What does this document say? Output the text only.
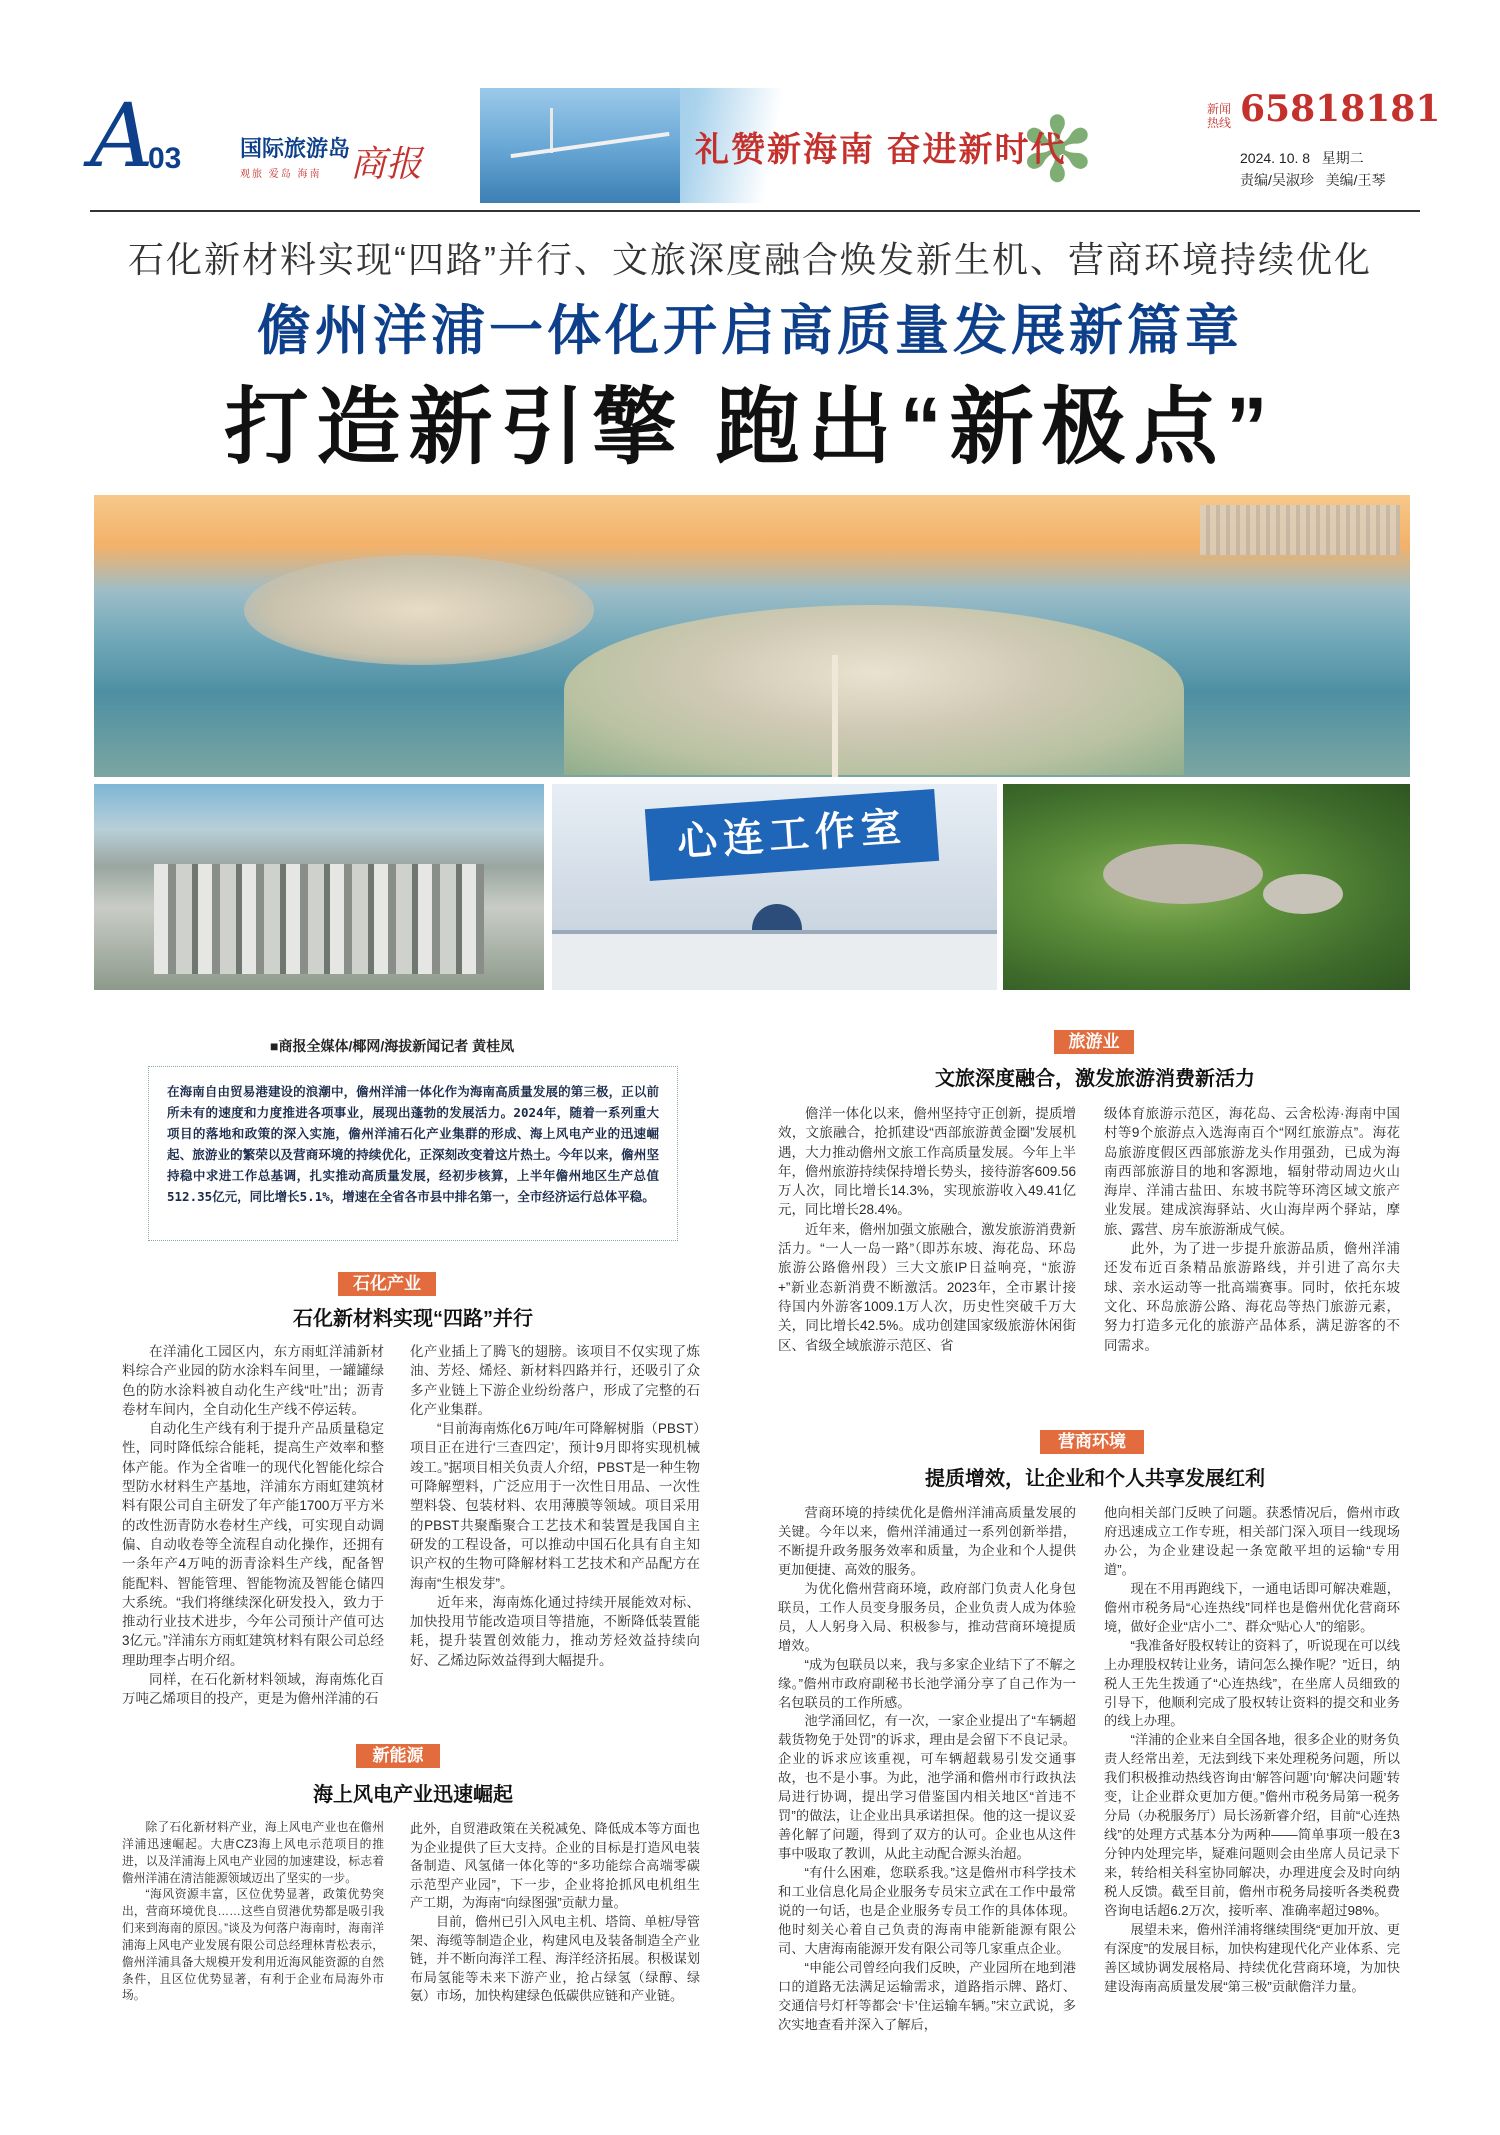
A
03	国际旅游岛
观旅 爱岛 海南 商报	✻
礼赞新海南 奋进新时代
新闻热线 65818181
2024. 10. 8 星期二
责编/吴淑珍 美编/王琴
石化新材料实现“四路”并行、文旅深度融合焕发新生机、营商环境持续优化
儋州洋浦一体化开启高质量发展新篇章
打造新引擎 跑出“新极点”
心连工作室
■商报全媒体/椰网/海拔新闻记者 黄桂凤
在海南自由贸易港建设的浪潮中，儋州洋浦一体化作为海南高质量发展的第三极，正以前所未有的速度和力度推进各项事业，展现出蓬勃的发展活力。2024年，随着一系列重大项目的落地和政策的深入实施，儋州洋浦石化产业集群的形成、海上风电产业的迅速崛起、旅游业的繁荣以及营商环境的持续优化，正深刻改变着这片热土。今年以来，儋州坚持稳中求进工作总基调，扎实推动高质量发展，经初步核算，上半年儋州地区生产总值512.35亿元，同比增长5.1%，增速在全省各市县中排名第一，全市经济运行总体平稳。
石化产业
石化新材料实现“四路”并行

在洋浦化工园区内，东方雨虹洋浦新材料综合产业园的防水涂料车间里，一罐罐绿色的防水涂料被自动化生产线“吐”出；沥青卷材车间内，全自动化生产线不停运转。

自动化生产线有利于提升产品质量稳定性，同时降低综合能耗，提高生产效率和整体产能。作为全省唯一的现代化智能化综合型防水材料生产基地，洋浦东方雨虹建筑材料有限公司自主研发了年产能1700万平方米的改性沥青防水卷材生产线，可实现自动调偏、自动收卷等全流程自动化操作，还拥有一条年产4万吨的沥青涂料生产线，配备智能配料、智能管理、智能物流及智能仓储四大系统。“我们将继续深化研发投入，致力于推动行业技术进步，今年公司预计产值可达3亿元。”洋浦东方雨虹建筑材料有限公司总经理助理李占明介绍。

同样，在石化新材料领域，海南炼化百万吨乙烯项目的投产，更是为儋州洋浦的石

化产业插上了腾飞的翅膀。该项目不仅实现了炼油、芳烃、烯烃、新材料四路并行，还吸引了众多产业链上下游企业纷纷落户，形成了完整的石化产业集群。

“目前海南炼化6万吨/年可降解树脂（PBST）项目正在进行‘三查四定’，预计9月即将实现机械竣工。”据项目相关负责人介绍，PBST是一种生物可降解塑料，广泛应用于一次性日用品、一次性塑料袋、包装材料、农用薄膜等领域。项目采用的PBST共聚酯聚合工艺技术和装置是我国自主研发的工程设备，可以推动中国石化具有自主知识产权的生物可降解材料工艺技术和产品配方在海南“生根发芽”。

近年来，海南炼化通过持续开展能效对标、加快投用节能改造项目等措施，不断降低装置能耗，提升装置创效能力，推动芳烃效益持续向好、乙烯边际效益得到大幅提升。

新能源
海上风电产业迅速崛起

除了石化新材料产业，海上风电产业也在儋州洋浦迅速崛起。大唐CZ3海上风电示范项目的推进，以及洋浦海上风电产业园的加速建设，标志着儋州洋浦在清洁能源领域迈出了坚实的一步。

“海风资源丰富，区位优势显著，政策优势突出，营商环境优良……这些自贸港优势都是吸引我们来到海南的原因。”谈及为何落户海南时，海南洋浦海上风电产业发展有限公司总经理林青松表示，儋州洋浦具备大规模开发利用近海风能资源的自然条件，且区位优势显著，有利于企业布局海外市场。

此外，自贸港政策在关税减免、降低成本等方面也为企业提供了巨大支持。企业的目标是打造风电装备制造、风氢储一体化等的“多功能综合高端零碳示范型产业园”，下一步，企业将抢抓风电机组生产工期，为海南“向绿图强”贡献力量。

目前，儋州已引入风电主机、塔筒、单桩/导管架、海缆等制造企业，构建风电及装备制造全产业链，并不断向海洋工程、海洋经济拓展。积极谋划布局氢能等未来下游产业，抢占绿氢（绿醇、绿氨）市场，加快构建绿色低碳供应链和产业链。

旅游业
文旅深度融合，激发旅游消费新活力

儋洋一体化以来，儋州坚持守正创新，提质增效，文旅融合，抢抓建设“西部旅游黄金圈”发展机遇，大力推动儋州文旅工作高质量发展。今年上半年，儋州旅游持续保持增长势头，接待游客609.56万人次，同比增长14.3%，实现旅游收入49.41亿元，同比增长28.4%。

近年来，儋州加强文旅融合，激发旅游消费新活力。“一人一岛一路”（即苏东坡、海花岛、环岛旅游公路儋州段）三大文旅IP日益响亮，“旅游+”新业态新消费不断激活。2023年，全市累计接待国内外游客1009.1万人次，历史性突破千万大关，同比增长42.5%。成功创建国家级旅游休闲街区、省级全域旅游示范区、省

级体育旅游示范区，海花岛、云舍松涛·海南中国村等9个旅游点入选海南百个“网红旅游点”。海花岛旅游度假区西部旅游龙头作用强劲，已成为海南西部旅游目的地和客源地，辐射带动周边火山海岸、洋浦古盐田、东坡书院等环湾区域文旅产业发展。建成滨海驿站、火山海岸两个驿站，摩旅、露营、房车旅游渐成气候。

此外，为了进一步提升旅游品质，儋州洋浦还发布近百条精品旅游路线，并引进了高尔夫球、亲水运动等一批高端赛事。同时，依托东坡文化、环岛旅游公路、海花岛等热门旅游元素，努力打造多元化的旅游产品体系，满足游客的不同需求。

营商环境
提质增效，让企业和个人共享发展红利

营商环境的持续优化是儋州洋浦高质量发展的关键。今年以来，儋州洋浦通过一系列创新举措，不断提升政务服务效率和质量，为企业和个人提供更加便捷、高效的服务。

为优化儋州营商环境，政府部门负责人化身包联员，工作人员变身服务员，企业负责人成为体验员，人人躬身入局、积极参与，推动营商环境提质增效。

“成为包联员以来，我与多家企业结下了不解之缘。”儋州市政府副秘书长池学涌分享了自己作为一名包联员的工作所感。

池学涌回忆，有一次，一家企业提出了“车辆超载货物免于处罚”的诉求，理由是会留下不良记录。企业的诉求应该重视，可车辆超载易引发交通事故，也不是小事。为此，池学涌和儋州市行政执法局进行协调，提出学习借鉴国内相关地区“首违不罚”的做法，让企业出具承诺担保。他的这一提议妥善化解了问题，得到了双方的认可。企业也从这件事中吸取了教训，从此主动配合源头治超。

“有什么困难，您联系我。”这是儋州市科学技术和工业信息化局企业服务专员宋立武在工作中最常说的一句话，也是企业服务专员工作的具体体现。他时刻关心着自己负责的海南申能新能源有限公司、大唐海南能源开发有限公司等几家重点企业。

“申能公司曾经向我们反映，产业园所在地到港口的道路无法满足运输需求，道路指示牌、路灯、交通信号灯杆等都会‘卡’住运输车辆。”宋立武说，多次实地查看并深入了解后，

他向相关部门反映了问题。获悉情况后，儋州市政府迅速成立工作专班，相关部门深入项目一线现场办公，为企业建设起一条宽敞平坦的运输“专用道”。

现在不用再跑线下，一通电话即可解决难题，儋州市税务局“心连热线”同样也是儋州优化营商环境，做好企业“店小二”、群众“贴心人”的缩影。

“我准备好股权转让的资料了，听说现在可以线上办理股权转让业务，请问怎么操作呢？”近日，纳税人王先生拨通了“心连热线”，在坐席人员细致的引导下，他顺利完成了股权转让资料的提交和业务的线上办理。

“洋浦的企业来自全国各地，很多企业的财务负责人经常出差，无法到线下来处理税务问题，所以我们积极推动热线咨询由‘解答问题’向‘解决问题’转变，让企业群众更加方便。”儋州市税务局第一税务分局（办税服务厅）局长汤新睿介绍，目前“心连热线”的处理方式基本分为两种——简单事项一般在3分钟内处理完毕，疑难问题则会由坐席人员记录下来，转给相关科室协同解决，办理进度会及时向纳税人反馈。截至目前，儋州市税务局接听各类税费咨询电话超6.2万次，接听率、准确率超过98%。

展望未来，儋州洋浦将继续围绕“更加开放、更有深度”的发展目标，加快构建现代化产业体系、完善区域协调发展格局、持续优化营商环境，为加快建设海南高质量发展“第三极”贡献儋洋力量。
